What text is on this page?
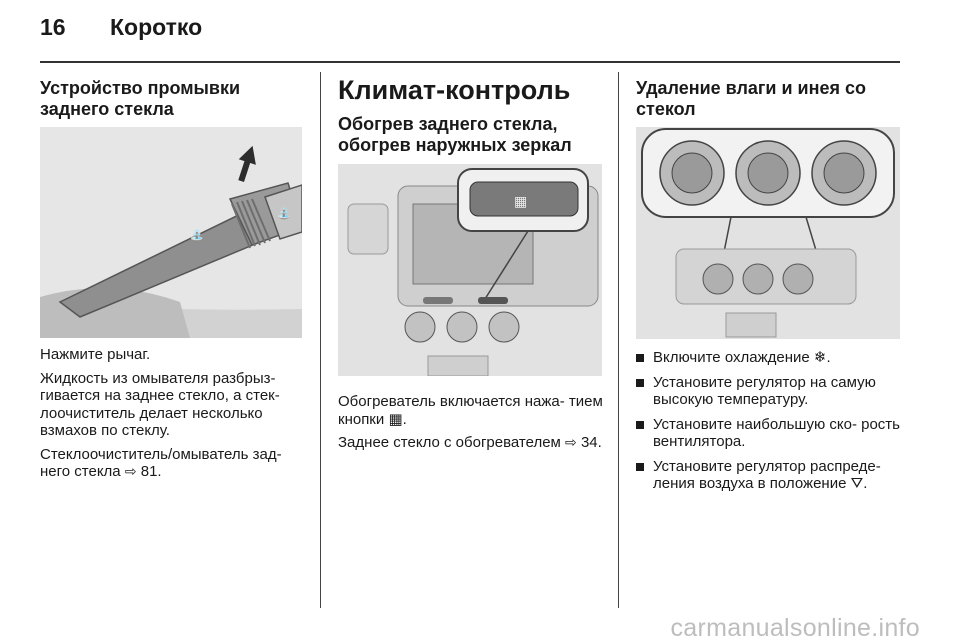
16 Коротко
Устройство промывки заднего стекла
⛲
⛲

Нажмите рычаг.

Жидкость из омывателя разбрыз- гивается на заднее стекло, а стек- лоочиститель делает несколько взмахов по стеклу.

Стеклоочиститель/омыватель зад- него стекла ⇨ 81.

Климат-контроль
Обогрев заднего стекла, обогрев наружных зеркал
▦

Обогреватель включается нажа- тием кнопки ▦.

Заднее стекло с обогревателем ⇨ 34.

Удаление влаги и инея со стекол
Включите охлаждение ❄.
Установите регулятор на самую высокую температуру.
Установите наибольшую ско- рость вентилятора.
Установите регулятор распреде- ления воздуха в положение ⛛.
carmanualsonline.info
